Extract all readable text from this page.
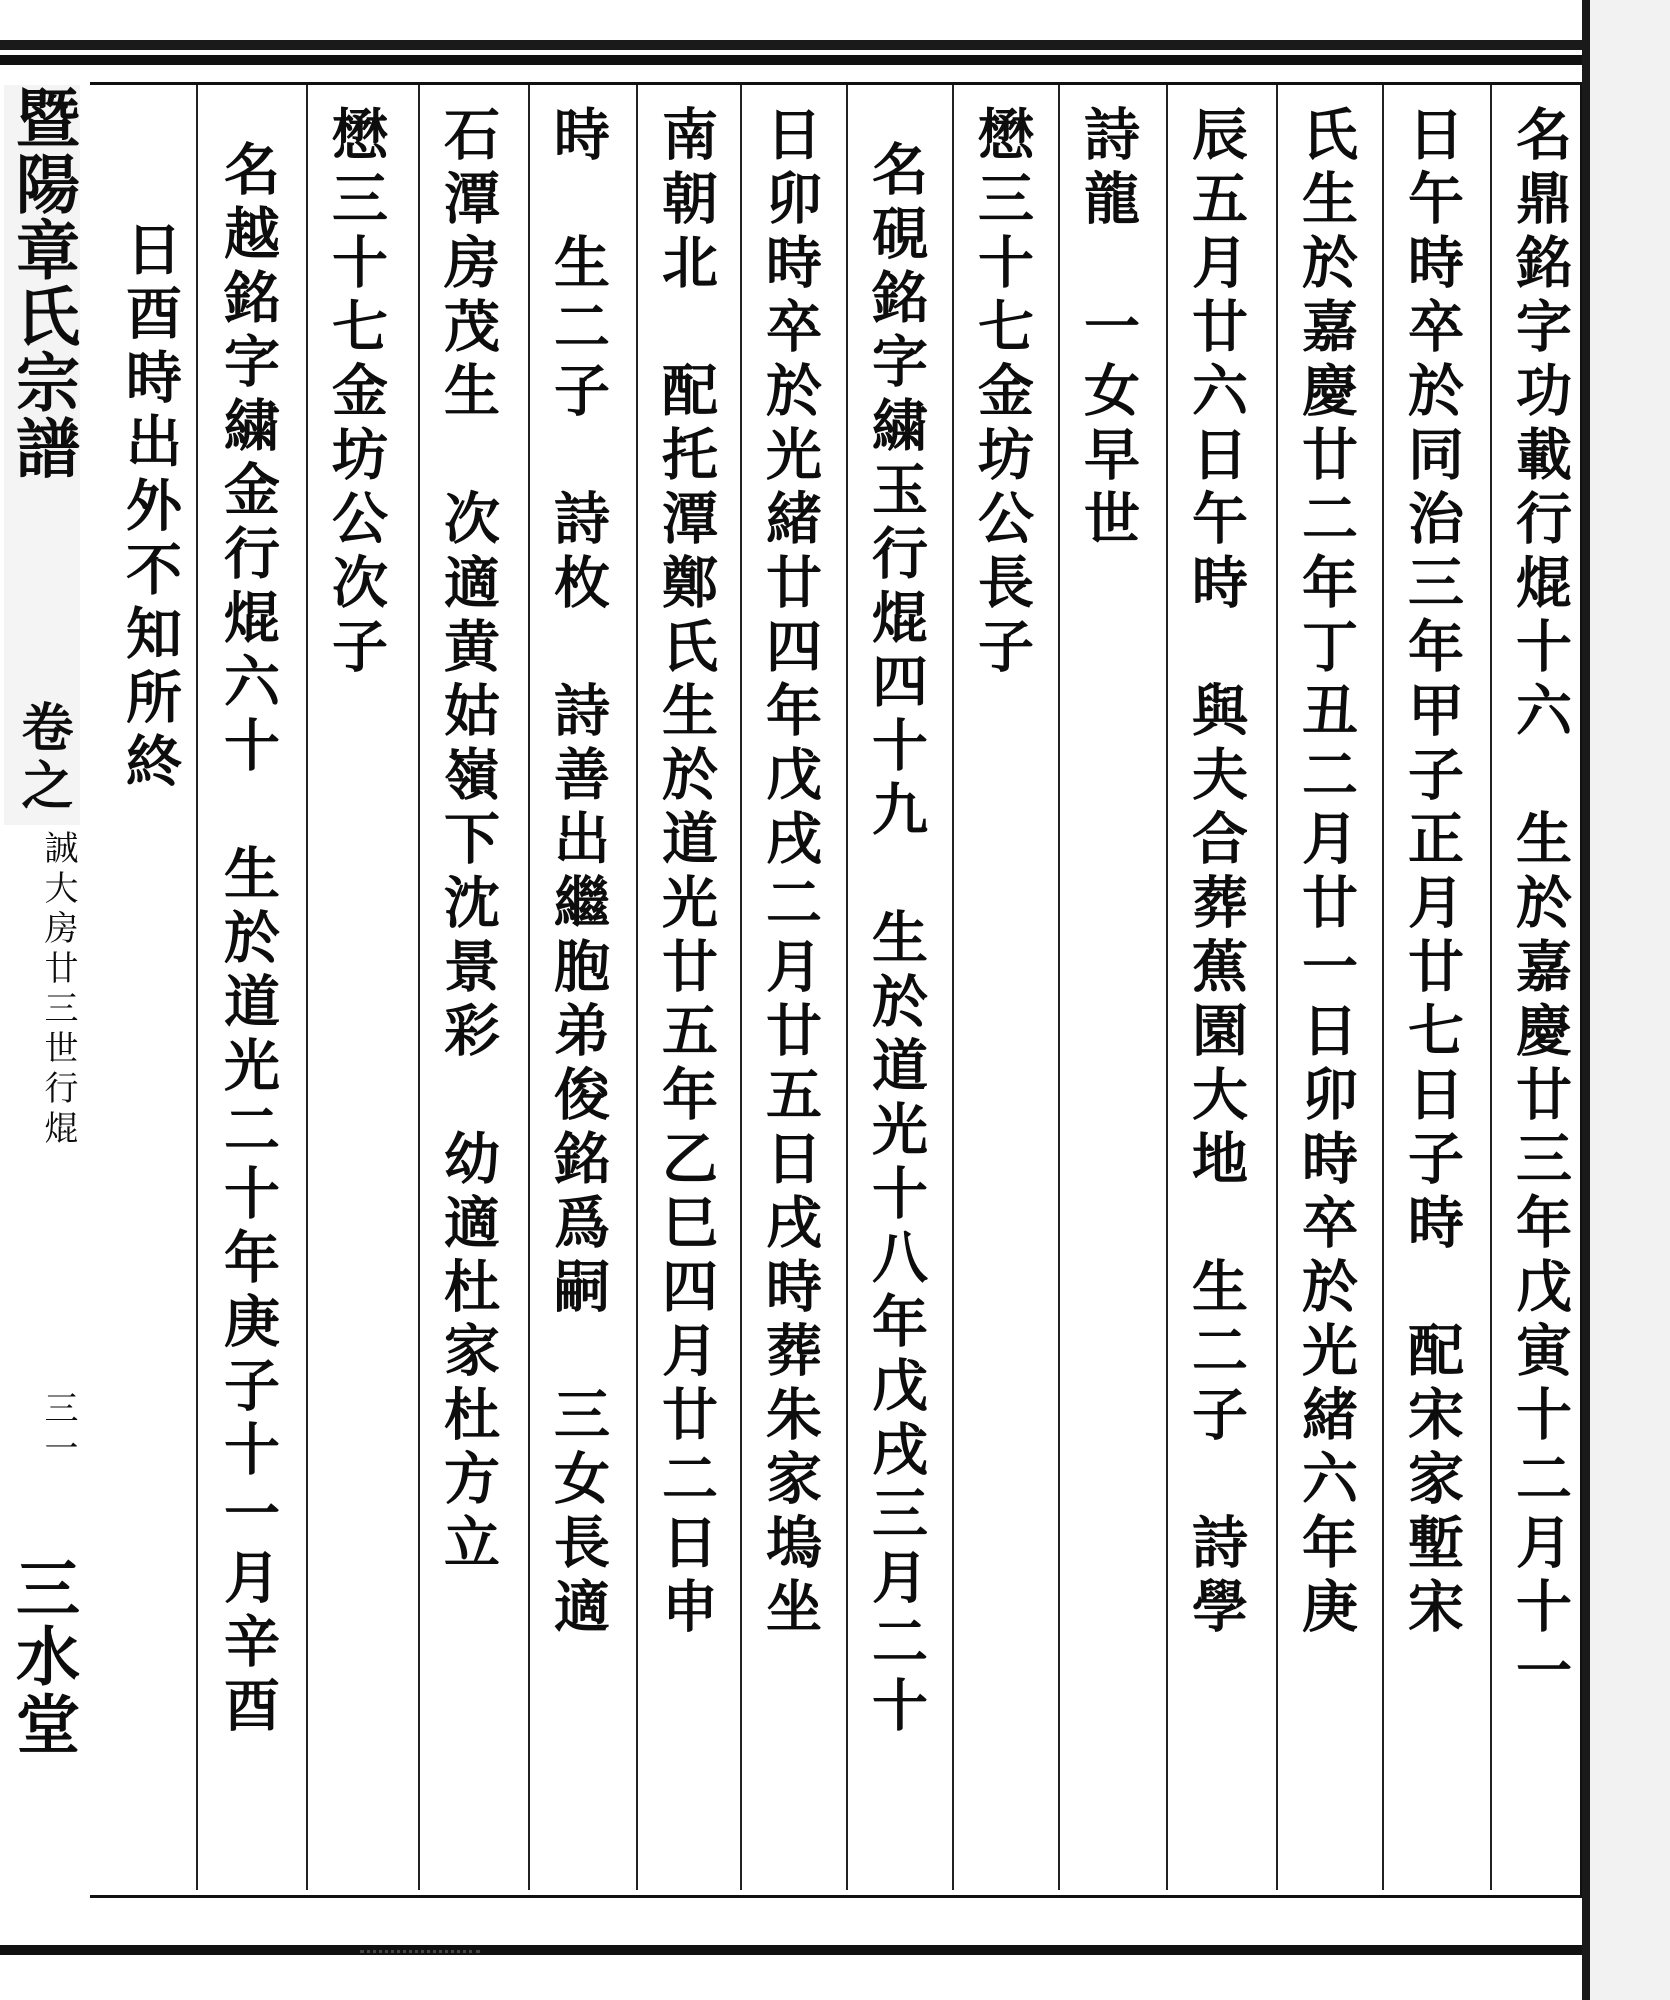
暨陽章氏宗譜
卷之
誠大房廿三世行焜
三一
三水堂	名鼎銘字功載行焜十六　生於嘉慶廿三年戊寅十二月十一
日午時卒於同治三年甲子正月廿七日子時　配宋家塹宋
氏生於嘉慶廿二年丁丑二月廿一日卯時卒於光緒六年庚
辰五月廿六日午時　與夫合葬蕉園大地　生二子　詩學
詩龍　一女早世
懋三十七金坊公長子
名硯銘字繍玉行焜四十九　生於道光十八年戊戌三月二十
日卯時卒於光緒廿四年戊戌二月廿五日戌時葬朱家塢坐
南朝北　配托潭鄭氏生於道光廿五年乙巳四月廿二日申
時　生二子　詩枚　詩善出繼胞弟俊銘爲嗣　三女長適
石潭房茂生　次適黄姑嶺下沈景彩　幼適杜家杜方立
懋三十七金坊公次子
名越銘字繍金行焜六十　生於道光二十年庚子十一月辛酉
日酉時出外不知所終
